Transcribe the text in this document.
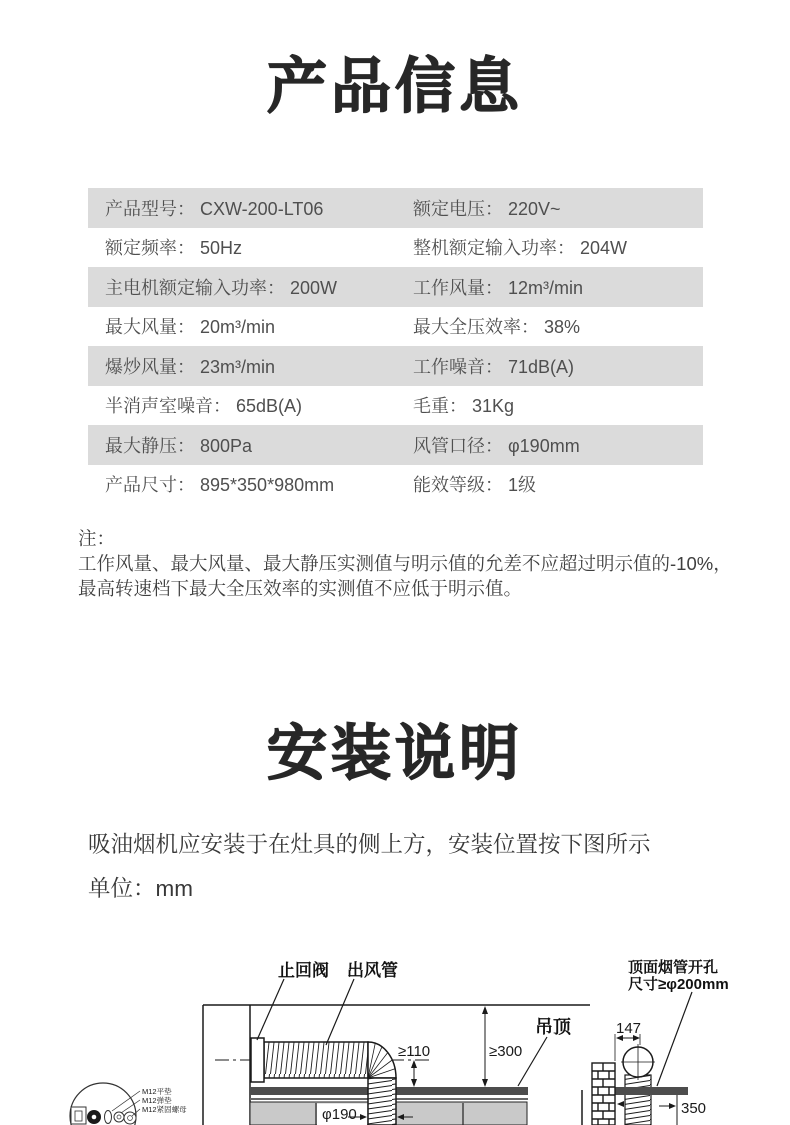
产品信息
产品型号： CXW-200-LT06	额定电压： 220V~
额定频率： 50Hz	整机额定输入功率： 204W
主电机额定输入功率： 200W	工作风量： 12m³/min
最大风量： 20m³/min	最大全压效率： 38%
爆炒风量： 23m³/min	工作噪音： 71dB(A)
半消声室噪音： 65dB(A)	毛重： 31Kg
最大静压： 800Pa	风管口径： φ190mm
产品尺寸： 895*350*980mm	能效等级： 1级
注：
工作风量、最大风量、最大静压实测值与明示值的允差不应超过明示值的-10%，
最高转速档下最大全压效率的实测值不应低于明示值。
安装说明
吸油烟机应安装于在灶具的侧上方，安装位置按下图所示
单位：mm
≥110	≥300
φ190
吊顶
止回阀 出风管
147
350
顶面烟管开孔
尺寸≥φ200mm
M12平垫
M12弹垫
M12紧固螺母
